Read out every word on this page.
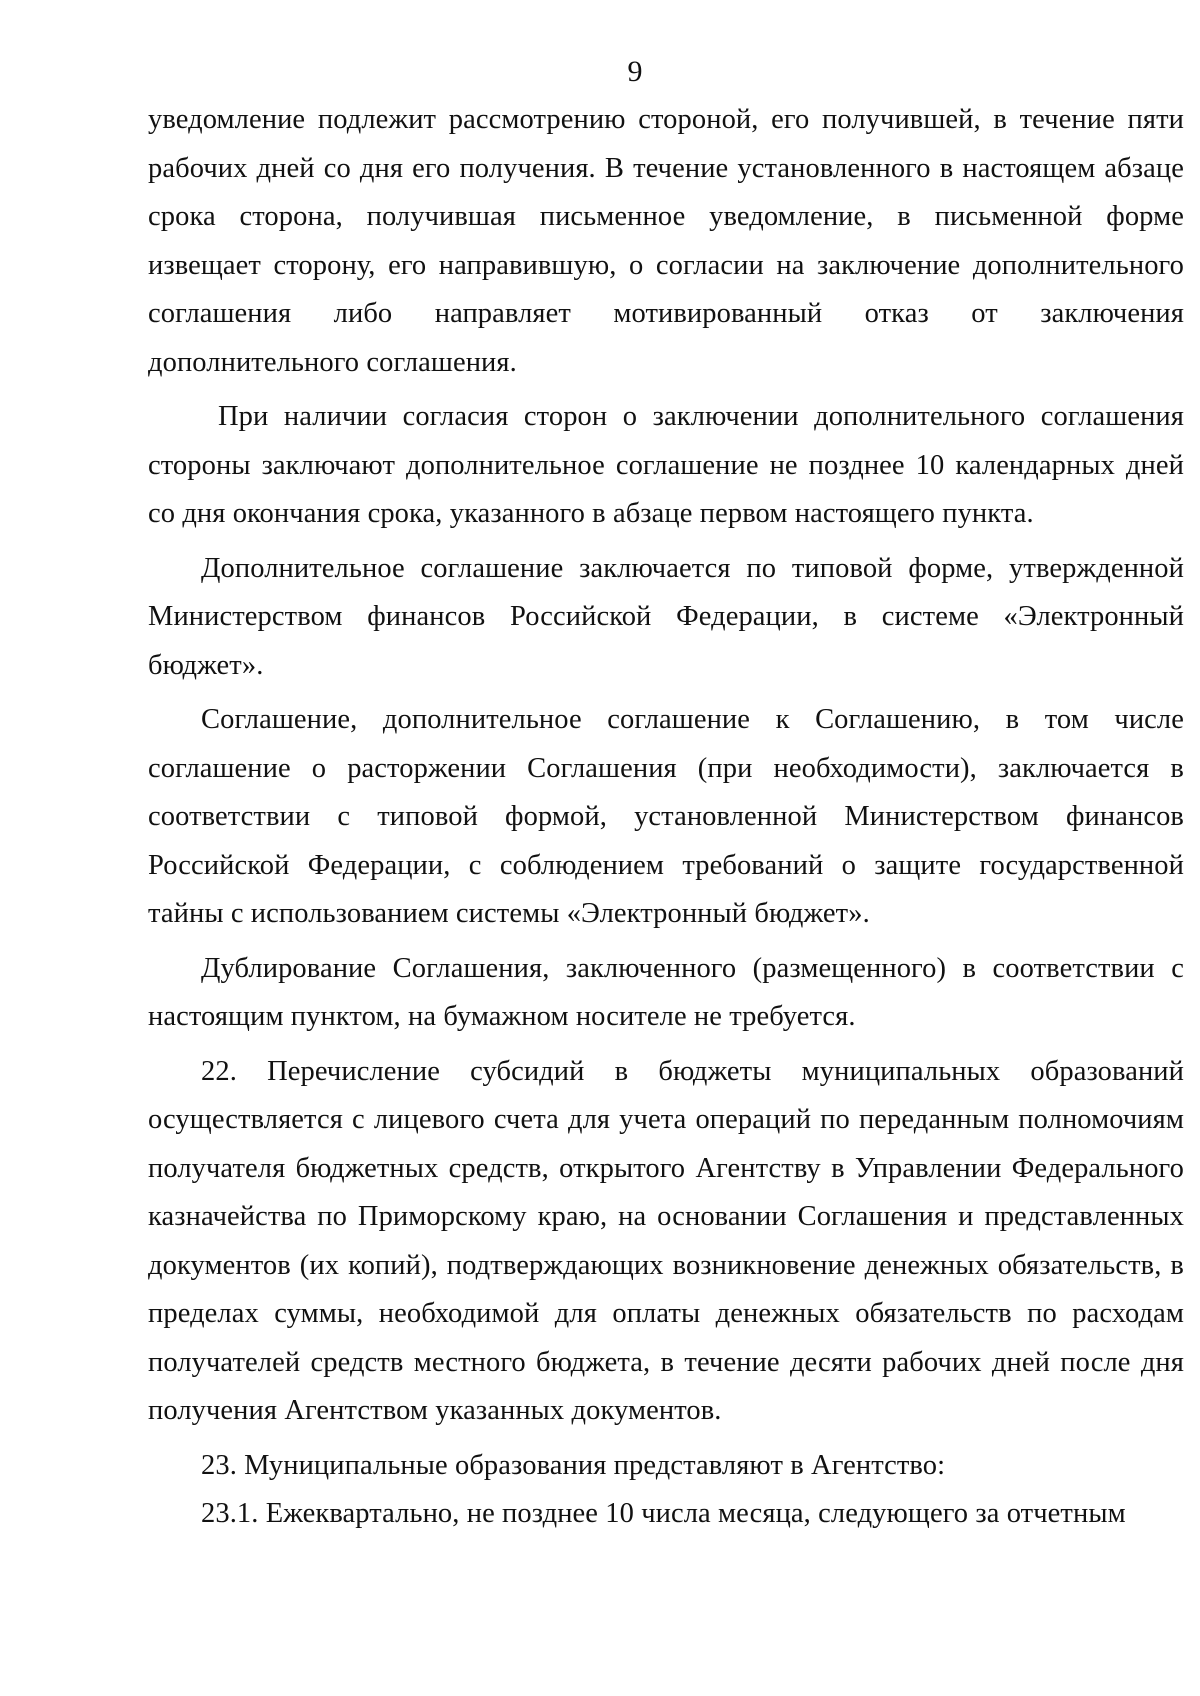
9

уведомление подлежит рассмотрению стороной, его получившей, в течение пяти рабочих дней со дня его получения. В течение установленного в настоящем абзаце срока сторона, получившая письменное уведомление, в письменной форме извещает сторону, его направившую, о согласии на заключение дополнительного соглашения либо направляет мотивированный отказ от заключения дополнительного соглашения.

При наличии согласия сторон о заключении дополнительного соглашения стороны заключают дополнительное соглашение не позднее 10 календарных дней со дня окончания срока, указанного в абзаце первом настоящего пункта.

Дополнительное соглашение заключается по типовой форме, утвержденной Министерством финансов Российской Федерации, в системе «Электронный бюджет».

Соглашение, дополнительное соглашение к Соглашению, в том числе соглашение о расторжении Соглашения (при необходимости), заключается в соответствии с типовой формой, установленной Министерством финансов Российской Федерации, с соблюдением требований о защите государственной тайны с использованием системы «Электронный бюджет».

Дублирование Соглашения, заключенного (размещенного) в соответствии с настоящим пунктом, на бумажном носителе не требуется.

22. Перечисление субсидий в бюджеты муниципальных образований осуществляется с лицевого счета для учета операций по переданным полномочиям получателя бюджетных средств, открытого Агентству в Управлении Федерального казначейства по Приморскому краю, на основании Соглашения и представленных документов (их копий), подтверждающих возникновение денежных обязательств, в пределах суммы, необходимой для оплаты денежных обязательств по расходам получателей средств местного бюджета, в течение десяти рабочих дней после дня получения Агентством указанных документов.

23. Муниципальные образования представляют в Агентство:

23.1. Ежеквартально, не позднее 10 числа месяца, следующего за отчетным
